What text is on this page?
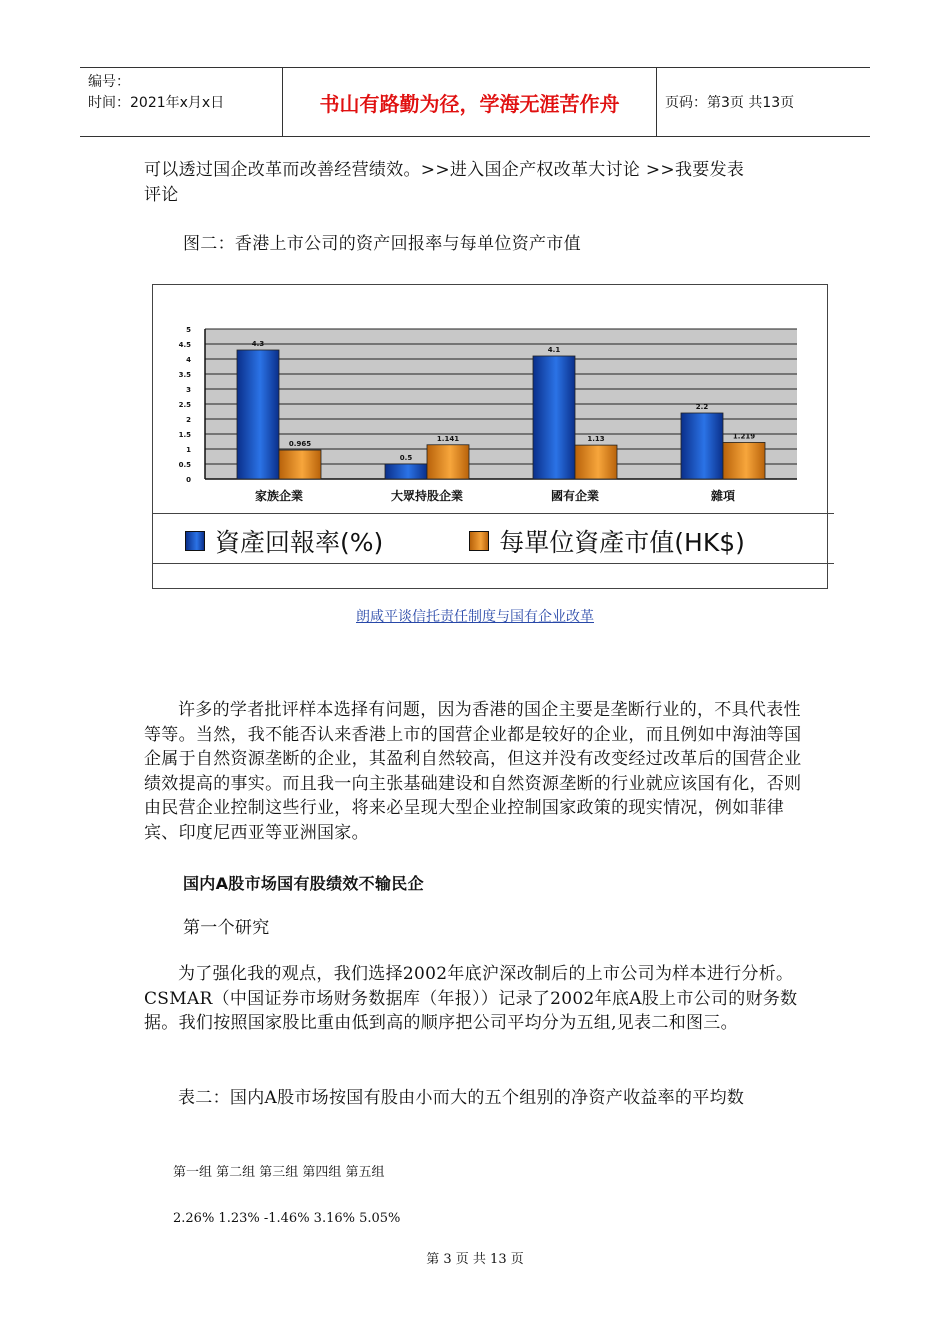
编号：
时间：2021年x月x日	书山有路勤为径，学海无涯苦作舟	页码：第3页 共13页
可以透过国企改革而改善经营绩效。>>进入国企产权改革大讨论 >>我要发表
评论
图二：香港上市公司的资产回报率与每单位资产市值
0
0.5
1
1.5
2
2.5
3
3.5
4
4.5
5
4.3
0.965
家族企業
0.5
1.141
大眾持股企業
4.1
1.13
國有企業
2.2
1.219
雜項
資產回報率(%)	每單位資產市值(HK$)
朗咸平谈信托责任制度与国有企业改革
许多的学者批评样本选择有问题，因为香港的国企主要是垄断行业的，不具代表性等等。当然，我不能否认来香港上市的国营企业都是较好的企业，而且例如中海油等国企属于自然资源垄断的企业，其盈利自然较高，但这并没有改变经过改革后的国营企业绩效提高的事实。而且我一向主张基础建设和自然资源垄断的行业就应该国有化，否则由民营企业控制这些行业，将来必呈现大型企业控制国家政策的现实情况，例如菲律宾、印度尼西亚等亚洲国家。
国内A股市场国有股绩效不输民企
第一个研究
为了强化我的观点，我们选择2002年底沪深改制后的上市公司为样本进行分析。CSMAR（中国证券市场财务数据库（年报））记录了2002年底A股上市公司的财务数据。我们按照国家股比重由低到高的顺序把公司平均分为五组,见表二和图三。
表二：国内A股市场按国有股由小而大的五个组别的净资产收益率的平均数
第一组 第二组 第三组 第四组 第五组
2.26% 1.23% -1.46% 3.16% 5.05%
第 3 页 共 13 页
